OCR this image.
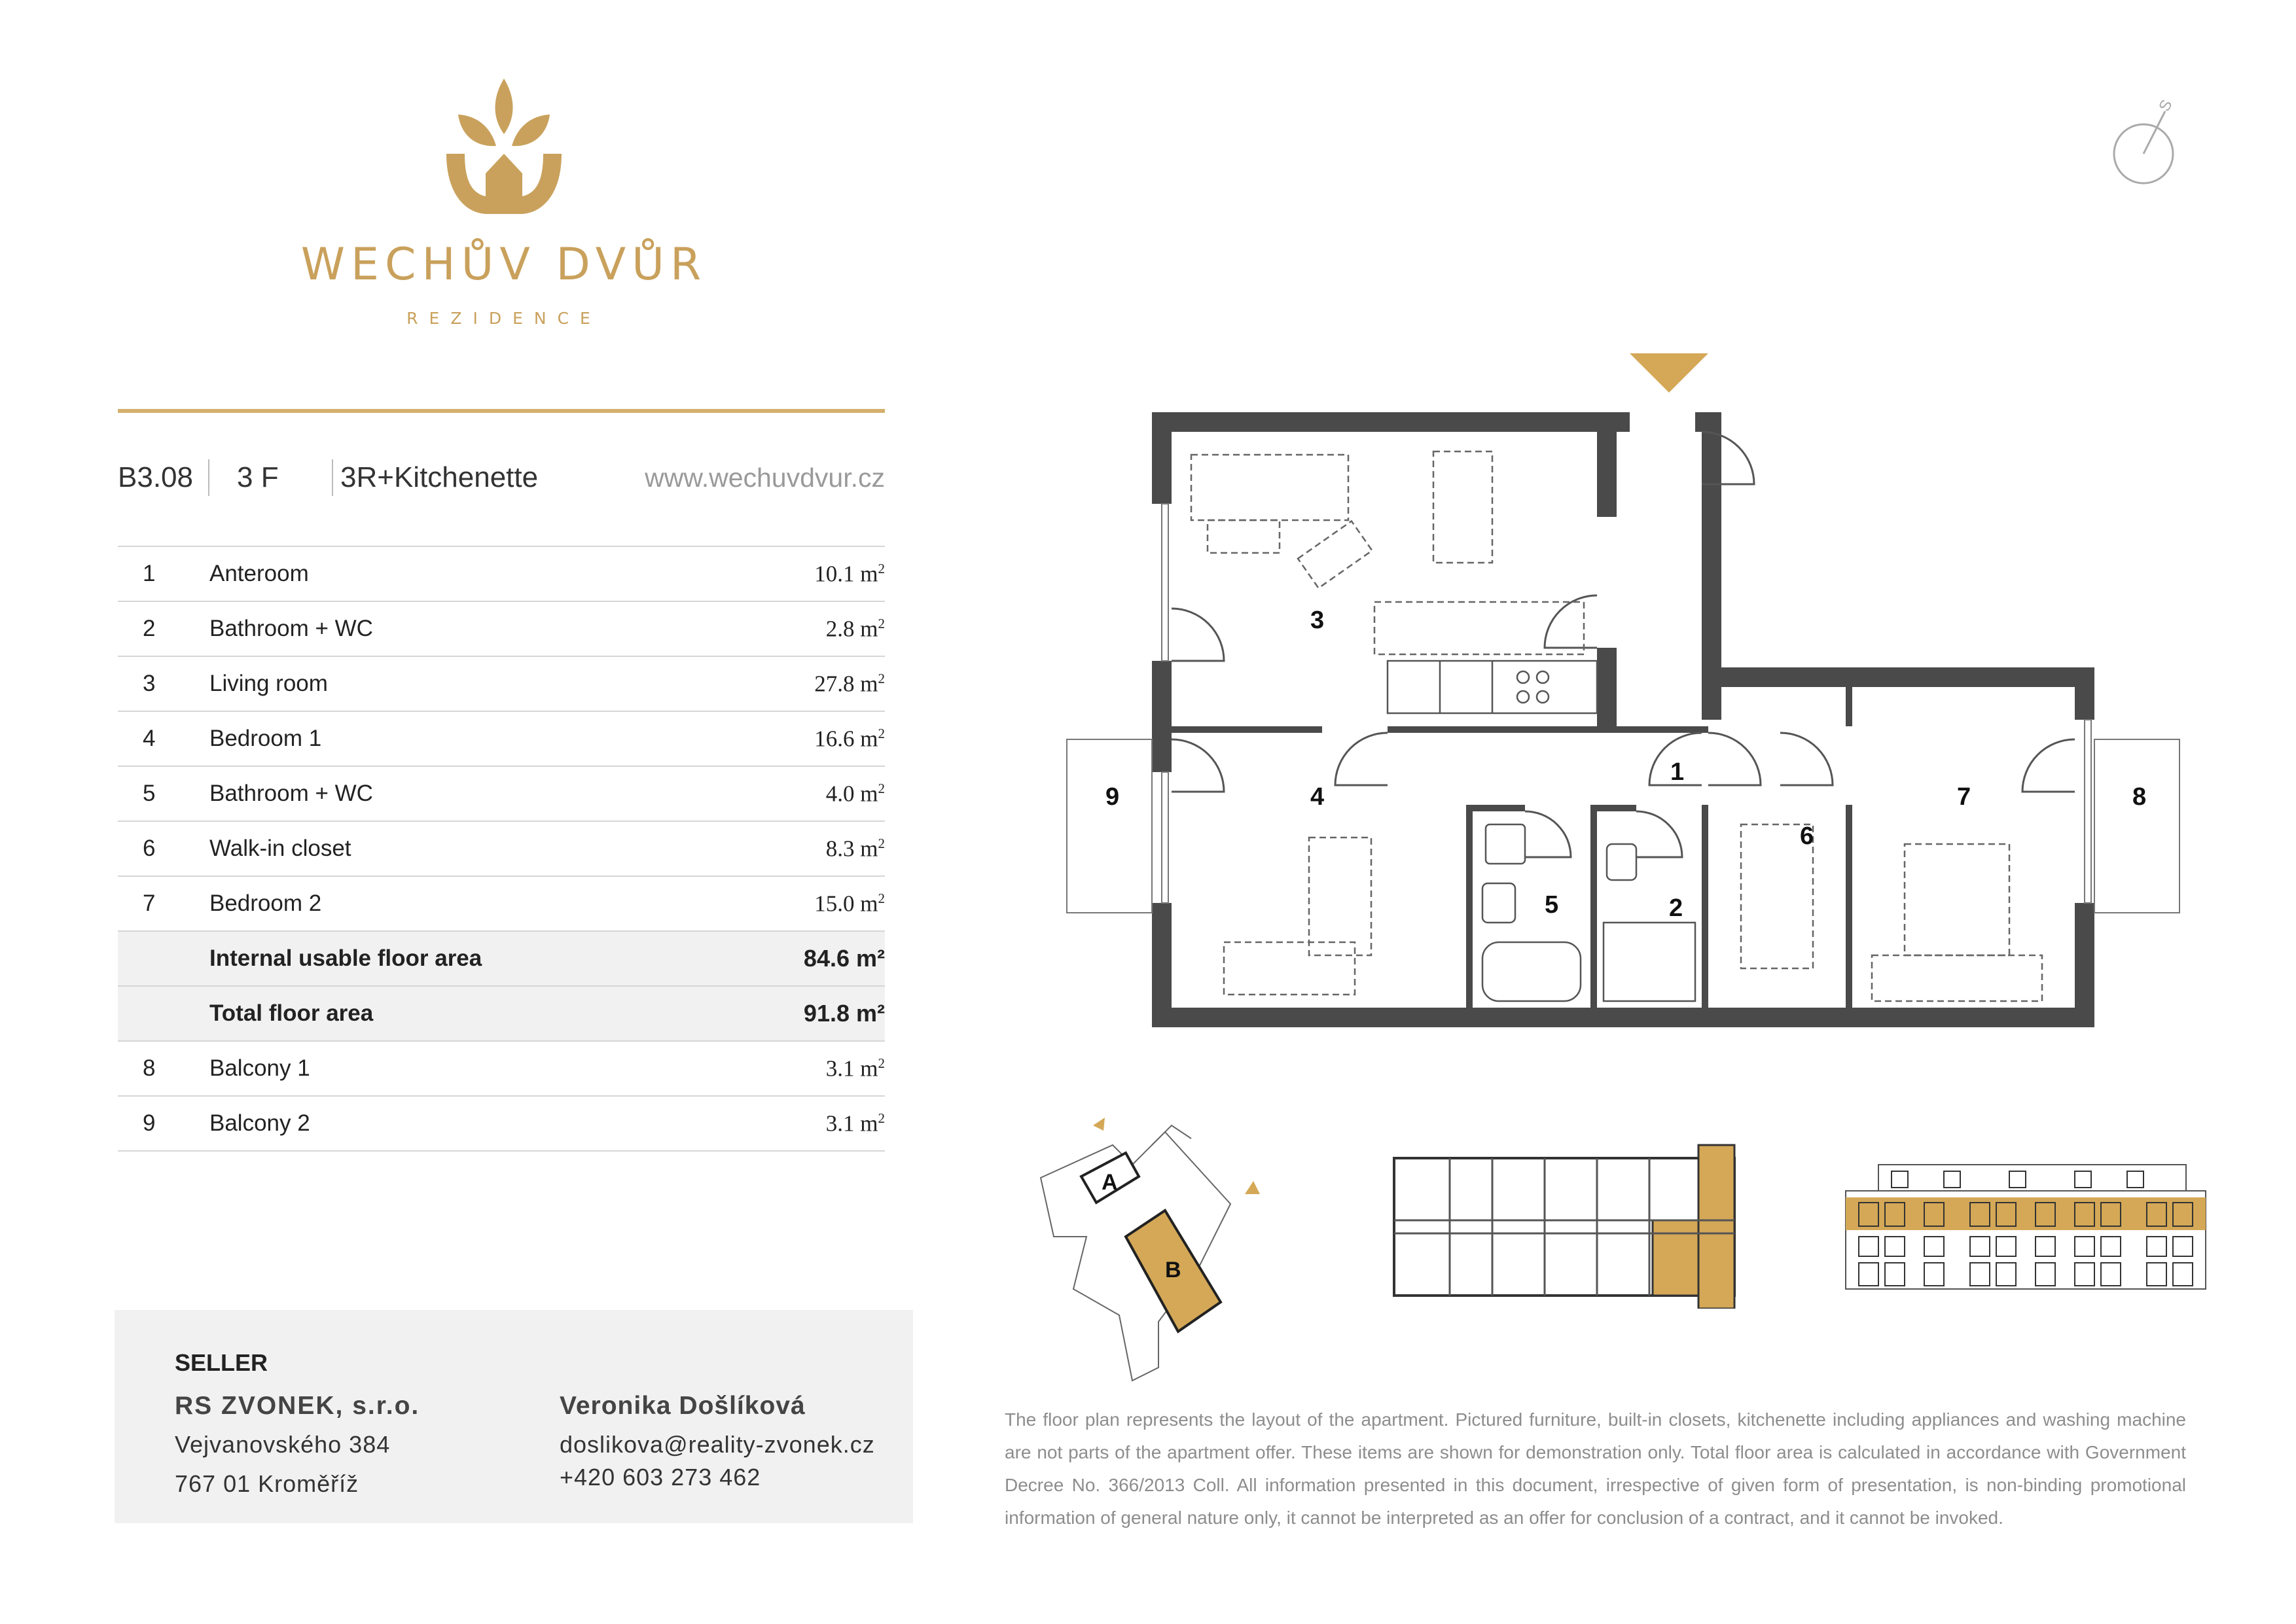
WECHŮV DVŮR
REZIDENCE
B3.08 3 F 3R+Kitchenette	www.wechuvdvur.cz
1	Anteroom	10.1 $m^2$
2	Bathroom + WC	2.8 $m^2$
3	Living room	27.8 $m^2$
4	Bedroom 1	16.6 $m^2$
5	Bathroom + WC	4.0 $m^2$
6	Walk-in closet	8.3 $m^2$
7	Bedroom 2	15.0 $m^2$
	Internal usable floor area	84.6 m²
	Total floor area	91.8 m²
8	Balcony 1	3.1 $m^2$
9	Balcony 2	3.1 $m^2$
SELLER
RS ZVONEK, s.r.o.
Vejvanovského 384
767 01 Kroměříž
Veronika Došlíková
doslikova@reality-zvonek.cz
+420 603 273 462
The floor plan represents the layout of the apartment. Pictured furniture, built-in closets, kitchenette including appliances and washing machine are not parts of the apartment offer. These items are shown for demonstration only. Total floor area is calculated in accordance with Government Decree No. 366/2013 Coll. All information presented in this document, irrespective of given form of presentation, is non-binding promotional information of general nature only, it cannot be interpreted as an offer for conclusion of a contract, and it cannot be invoked.
S
1
2
3
4
5
6
7	8
9
A
B
